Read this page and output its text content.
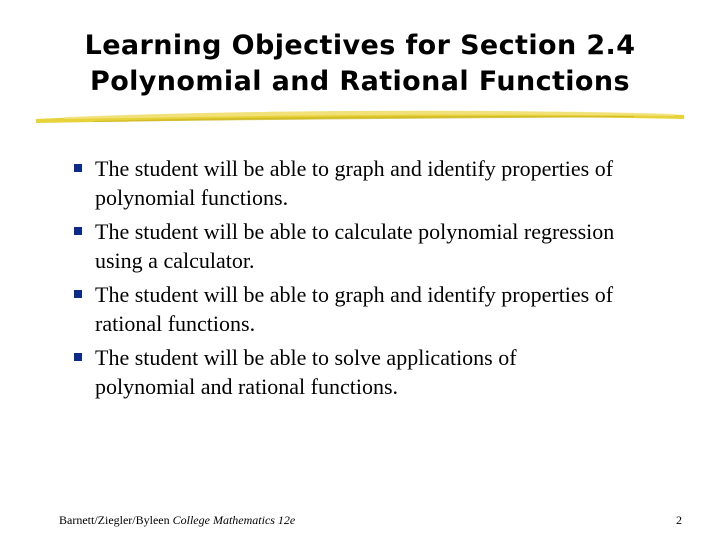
Learning Objectives for Section 2.4
Polynomial and Rational Functions
The student will be able to graph and identify properties of
polynomial functions.
The student will be able to calculate polynomial regression
using a calculator.
The student will be able to graph and identify properties of
rational functions.
The student will be able to solve applications of
polynomial and rational functions.
Barnett/Ziegler/Byleen College Mathematics 12e	2
